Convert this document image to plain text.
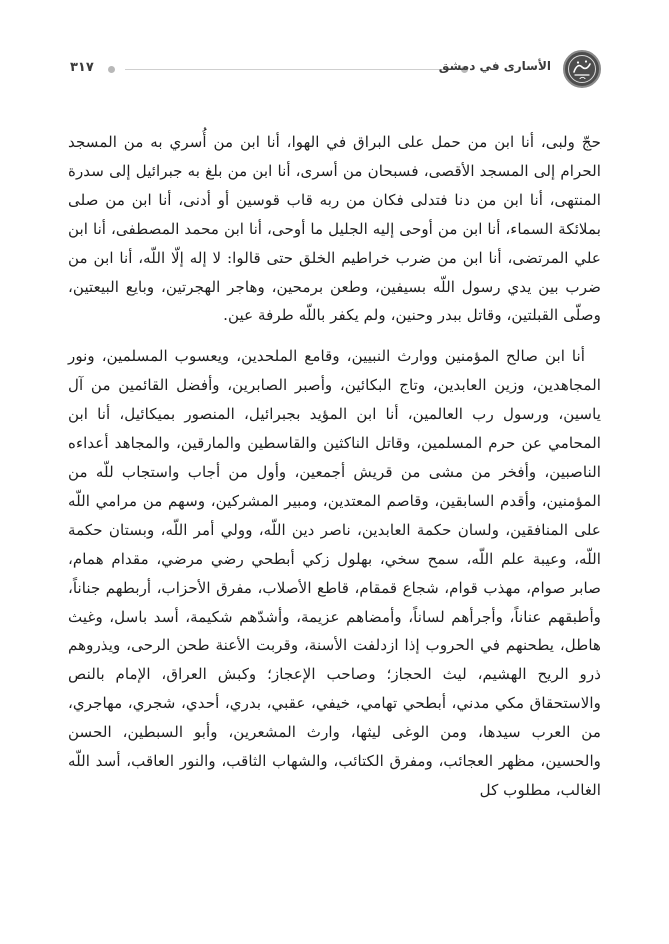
٣١٧	الأسارى في دمشق

حجّ ولبى، أنا ابن من حمل على البراق في الهوا، أنا ابن من أُسري به من المسجد الحرام إلى المسجد الأقصى، فسبحان من أسرى، أنا ابن من بلغ به جبرائيل إلى سدرة المنتهى، أنا ابن من دنا فتدلى فكان من ربه قاب قوسين أو أدنى، أنا ابن من صلى بملائكة السماء، أنا ابن من أوحى إليه الجليل ما أوحى، أنا ابن محمد المصطفى، أنا ابن علي المرتضى، أنا ابن من ضرب خراطيم الخلق حتى قالوا: لا إله إلّا اللّه، أنا ابن من ضرب بين يدي رسول اللّه بسيفين، وطعن برمحين، وهاجر الهجرتين، وبايع البيعتين، وصلّى القبلتين، وقاتل ببدر وحنين، ولم يكفر باللّه طرفة عين.

أنا ابن صالح المؤمنين ووارث النبيين، وقامع الملحدين، ويعسوب المسلمين، ونور المجاهدين، وزين العابدين، وتاج البكائين، وأصبر الصابرين، وأفضل القائمين من آل ياسين، ورسول رب العالمين، أنا ابن المؤيد بجبرائيل، المنصور بميكائيل، أنا ابن المحامي عن حرم المسلمين، وقاتل الناكثين والقاسطين والمارقين، والمجاهد أعداءه الناصبين، وأفخر من مشى من قريش أجمعين، وأول من أجاب واستجاب للّه من المؤمنين، وأقدم السابقين، وقاصم المعتدين، ومبير المشركين، وسهم من مرامي اللّه على المنافقين، ولسان حكمة العابدين، ناصر دين اللّه، وولي أمر اللّه، وبستان حكمة اللّه، وعيبة علم اللّه، سمح سخي، بهلول زكي أبطحي رضي مرضي، مقدام همام، صابر صوام، مهذب قوام، شجاع قمقام، قاطع الأصلاب، مفرق الأحزاب، أربطهم جناناً، وأطبقهم عناناً، وأجرأهم لساناً، وأمضاهم عزيمة، وأشدّهم شكيمة، أسد باسل، وغيث هاطل، يطحنهم في الحروب إذا ازدلفت الأسنة، وقربت الأعنة طحن الرحى، ويذروهم ذرو الريح الهشيم، ليث الحجاز؛ وصاحب الإعجاز؛ وكبش العراق، الإمام بالنص والاستحقاق مكي مدني، أبطحي تهامي، خيفي، عقبي، بدري، أحدي، شجري، مهاجري، من العرب سيدها، ومن الوغى ليثها، وارث المشعرين، وأبو السبطين، الحسن والحسين، مظهر العجائب، ومفرق الكتائب، والشهاب الثاقب، والنور العاقب، أسد اللّه الغالب، مطلوب كل
